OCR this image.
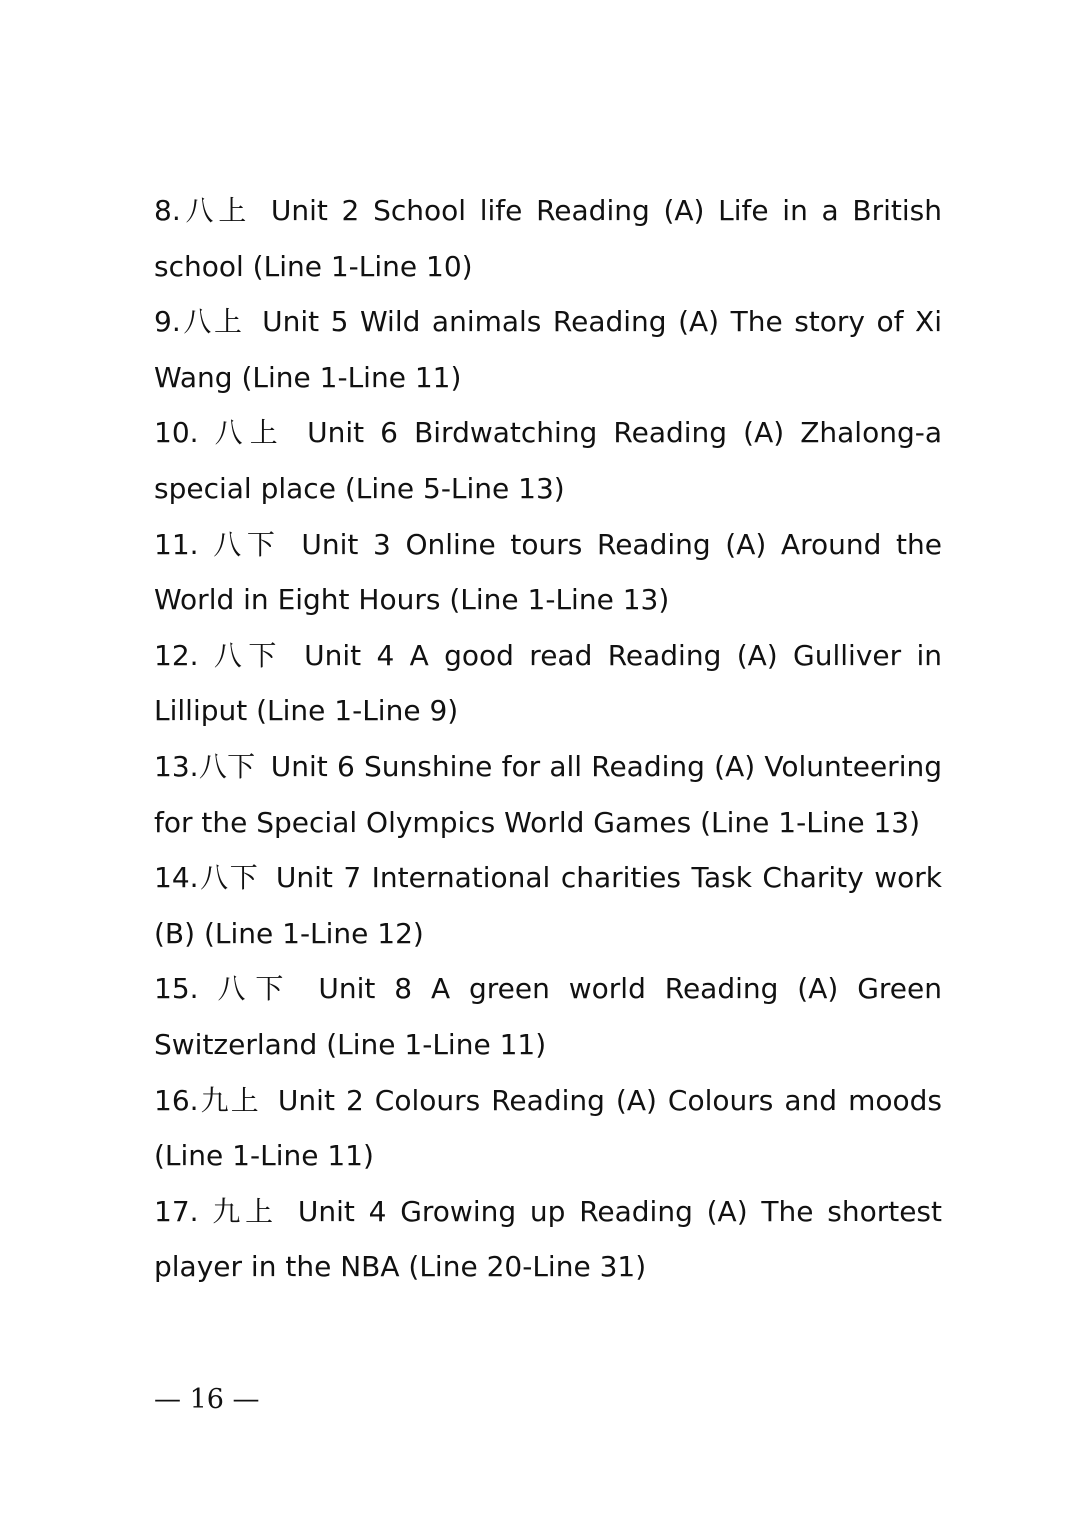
8.八上 Unit 2 School life Reading (A) Life in a British school (Line 1-Line 10)

9.八上 Unit 5 Wild animals Reading (A) The story of Xi Wang (Line 1-Line 11)

10. 八上 Unit 6 Birdwatching Reading (A) Zhalong-a special place (Line 5-Line 13)

11. 八下 Unit 3 Online tours Reading (A) Around the World in Eight Hours (Line 1-Line 13)

12. 八下 Unit 4 A good read Reading (A) Gulliver in Lilliput (Line 1-Line 9)

13.八下 Unit 6 Sunshine for all Reading (A) Volunteering for the Special Olympics World Games (Line 1-Line 13)

14.八下 Unit 7 International charities Task Charity work (B) (Line 1-Line 12)

15. 八下 Unit 8 A green world Reading (A) Green Switzerland (Line 1-Line 11)

16.九上 Unit 2 Colours Reading (A) Colours and moods (Line 1-Line 11)

17. 九上 Unit 4 Growing up Reading (A) The shortest player in the NBA (Line 20-Line 31)

— 16 —
